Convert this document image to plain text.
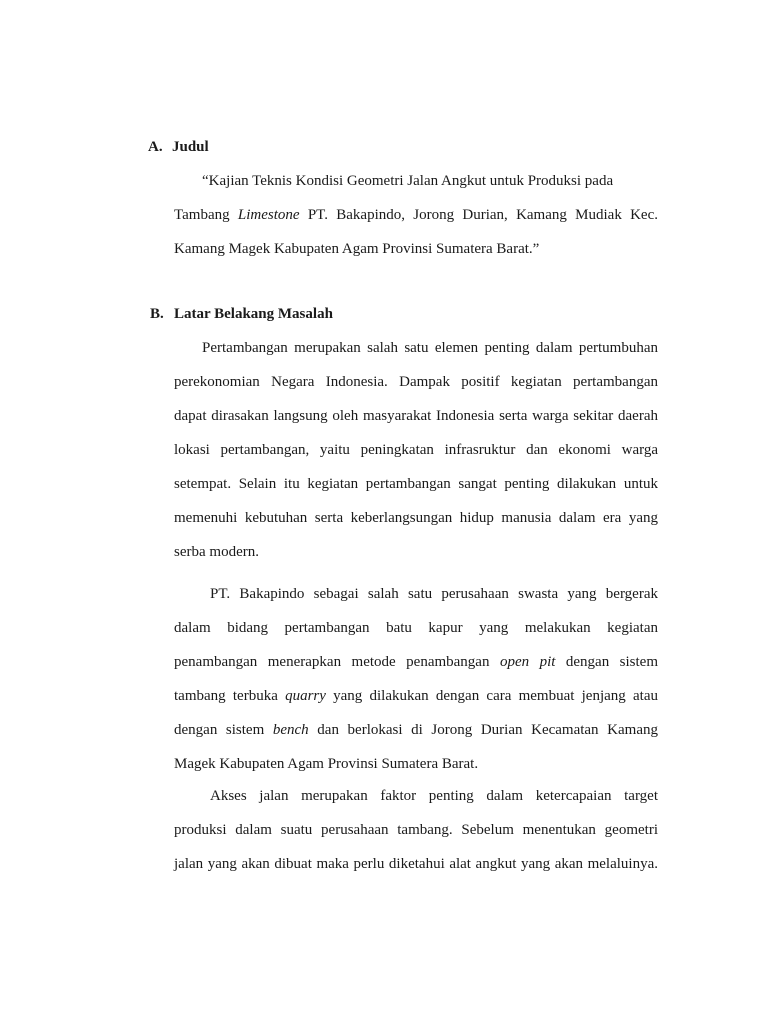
A. Judul
“Kajian Teknis Kondisi Geometri Jalan Angkut untuk Produksi pada
Tambang Limestone PT. Bakapindo, Jorong Durian, Kamang Mudiak Kec.
Kamang Magek Kabupaten Agam Provinsi Sumatera Barat.”
B. Latar Belakang Masalah
Pertambangan merupakan salah satu elemen penting dalam pertumbuhan
perekonomian Negara Indonesia. Dampak positif kegiatan pertambangan
dapat dirasakan langsung oleh masyarakat Indonesia serta warga sekitar daerah
lokasi pertambangan, yaitu peningkatan infrasruktur dan ekonomi warga
setempat. Selain itu kegiatan pertambangan sangat penting dilakukan untuk
memenuhi kebutuhan serta keberlangsungan hidup manusia dalam era yang
serba modern.
PT. Bakapindo sebagai salah satu perusahaan swasta yang bergerak
dalam bidang pertambangan batu kapur yang melakukan kegiatan
penambangan menerapkan metode penambangan open pit dengan sistem
tambang terbuka quarry yang dilakukan dengan cara membuat jenjang atau
dengan sistem bench dan berlokasi di Jorong Durian Kecamatan Kamang
Magek Kabupaten Agam Provinsi Sumatera Barat.
Akses jalan merupakan faktor penting dalam ketercapaian target
produksi dalam suatu perusahaan tambang. Sebelum menentukan geometri
jalan yang akan dibuat maka perlu diketahui alat angkut yang akan melaluinya.
